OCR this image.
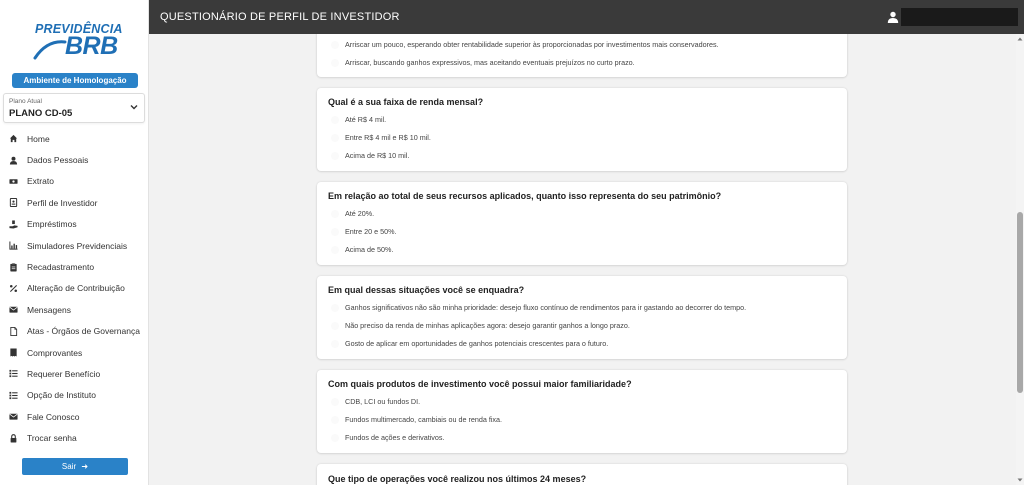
PREVIDÊNCIA
BRB
Ambiente de Homologação
Plano Atual
PLANO CD-05
Home
Dados Pessoais
Extrato
Perfil de Investidor
Empréstimos
Simuladores Previdenciais
Recadastramento
Alteração de Contribuição
Mensagens
Atas - Órgãos de Governança
Comprovantes
Requerer Benefício
Opção de Instituto
Fale Conosco
Trocar senha
Sair ➜
QUESTIONÁRIO DE PERFIL DE INVESTIDOR
Arriscar um pouco, esperando obter rentabilidade superior às proporcionadas por investimentos mais conservadores.
Arriscar, buscando ganhos expressivos, mas aceitando eventuais prejuízos no curto prazo.
Qual é a sua faixa de renda mensal?
Até R$ 4 mil.
Entre R$ 4 mil e R$ 10 mil.
Acima de R$ 10 mil.
Em relação ao total de seus recursos aplicados, quanto isso representa do seu patrimônio?
Até 20%.
Entre 20 e 50%.
Acima de 50%.
Em qual dessas situações você se enquadra?
Ganhos significativos não são minha prioridade: desejo fluxo contínuo de rendimentos para ir gastando ao decorrer do tempo.
Não preciso da renda de minhas aplicações agora: desejo garantir ganhos a longo prazo.
Gosto de aplicar em oportunidades de ganhos potenciais crescentes para o futuro.
Com quais produtos de investimento você possui maior familiaridade?
CDB, LCI ou fundos DI.
Fundos multimercado, cambiais ou de renda fixa.
Fundos de ações e derivativos.
Que tipo de operações você realizou nos últimos 24 meses?
